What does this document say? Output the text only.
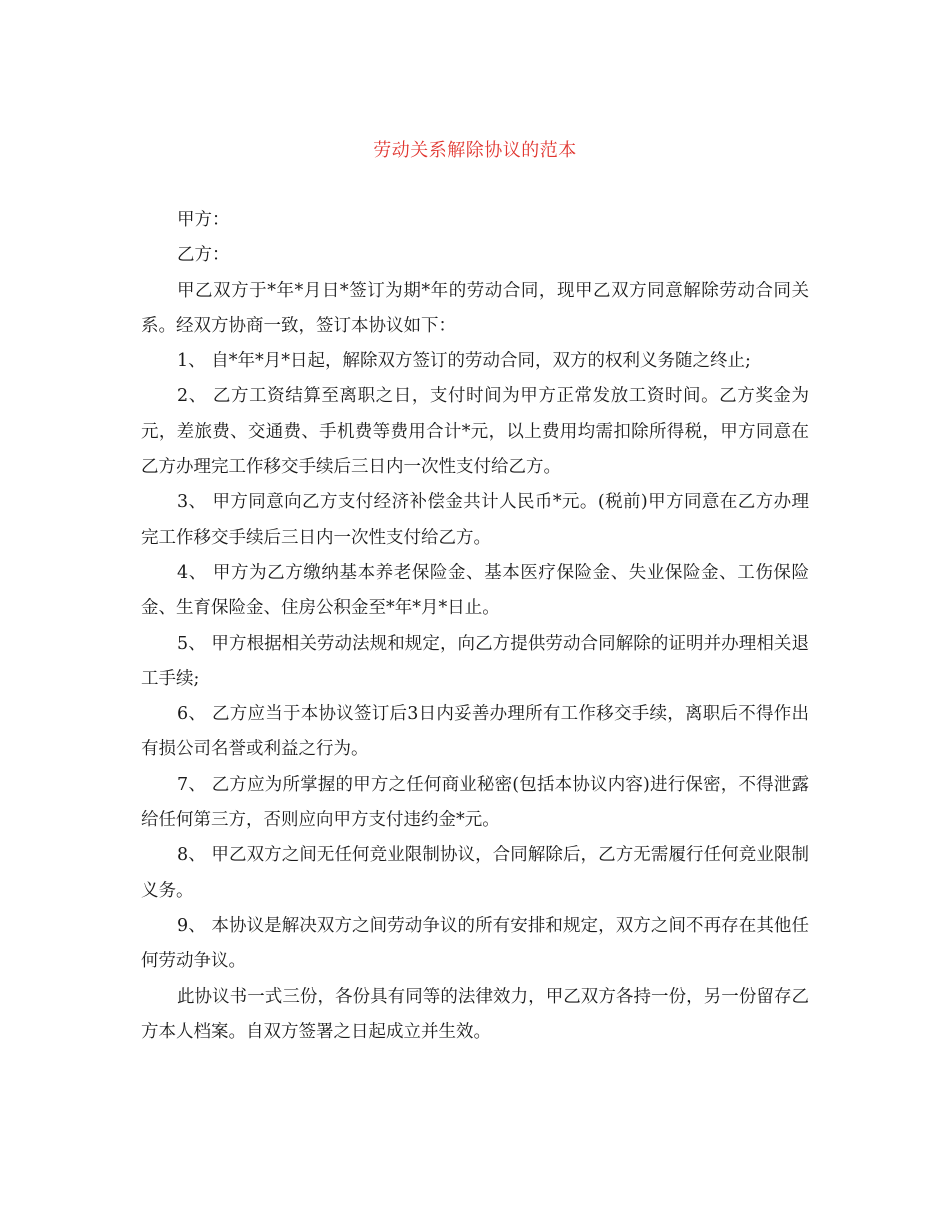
劳动关系解除协议的范本

甲方：

乙方：

甲乙双方于*年*月日*签订为期*年的劳动合同，现甲乙双方同意解除劳动合同关系。经双方协商一致，签订本协议如下：

1、 自*年*月*日起，解除双方签订的劳动合同，双方的权利义务随之终止;

2、 乙方工资结算至离职之日，支付时间为甲方正常发放工资时间。乙方奖金为元，差旅费、交通费、手机费等费用合计*元，以上费用均需扣除所得税，甲方同意在乙方办理完工作移交手续后三日内一次性支付给乙方。

3、 甲方同意向乙方支付经济补偿金共计人民币*元。(税前)甲方同意在乙方办理完工作移交手续后三日内一次性支付给乙方。

4、 甲方为乙方缴纳基本养老保险金、基本医疗保险金、失业保险金、工伤保险金、生育保险金、住房公积金至*年*月*日止。

5、 甲方根据相关劳动法规和规定，向乙方提供劳动合同解除的证明并办理相关退工手续;

6、 乙方应当于本协议签订后3日内妥善办理所有工作移交手续，离职后不得作出有损公司名誉或利益之行为。

7、 乙方应为所掌握的甲方之任何商业秘密(包括本协议内容)进行保密，不得泄露给任何第三方，否则应向甲方支付违约金*元。

8、 甲乙双方之间无任何竞业限制协议，合同解除后，乙方无需履行任何竞业限制义务。

9、 本协议是解决双方之间劳动争议的所有安排和规定，双方之间不再存在其他任何劳动争议。

此协议书一式三份，各份具有同等的法律效力，甲乙双方各持一份，另一份留存乙方本人档案。自双方签署之日起成立并生效。
